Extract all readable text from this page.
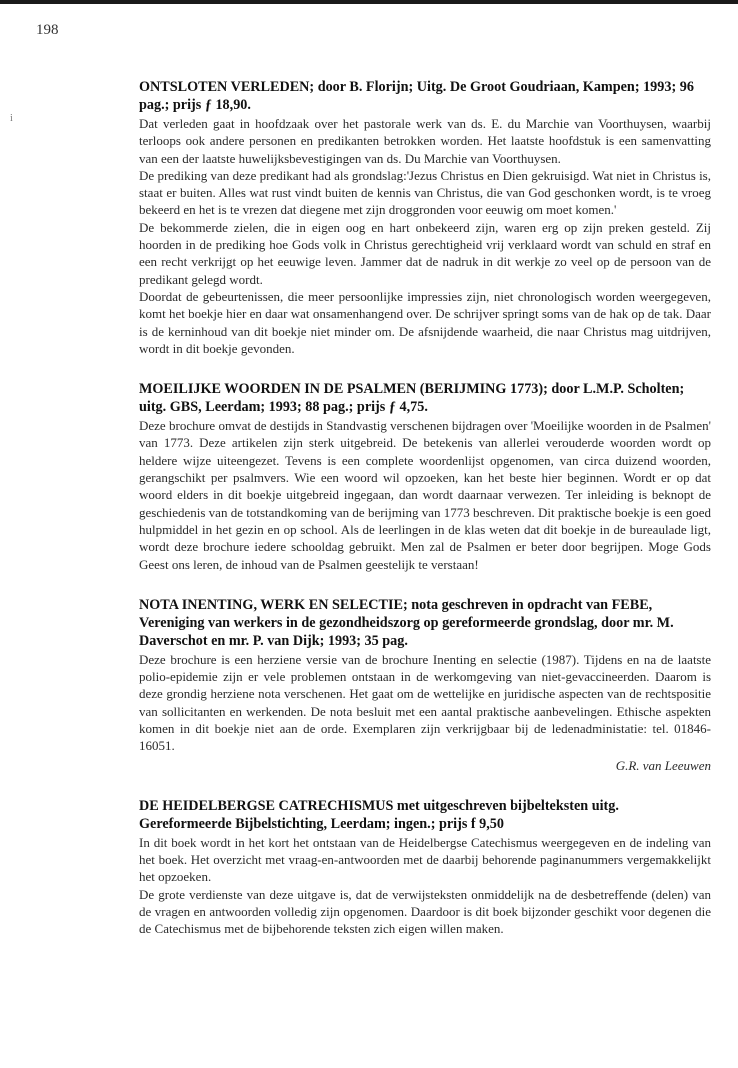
198
i

ONTSLOTEN VERLEDEN; door B. Florijn; Uitg. De Groot Goudriaan, Kampen; 1993; 96 pag.; prijs ƒ 18,90.

Dat verleden gaat in hoofdzaak over het pastorale werk van ds. E. du Marchie van Voorthuysen, waarbij terloops ook andere personen en predikanten betrokken worden. Het laatste hoofdstuk is een samenvatting van een der laatste huwelijksbevestigingen van ds. Du Marchie van Voorthuysen.

De prediking van deze predikant had als grondslag:'Jezus Christus en Dien gekruisigd. Wat niet in Christus is, staat er buiten. Alles wat rust vindt buiten de kennis van Christus, die van God geschonken wordt, is te vroeg bekeerd en het is te vrezen dat diegene met zijn droggronden voor eeuwig om moet komen.'

De bekommerde zielen, die in eigen oog en hart onbekeerd zijn, waren erg op zijn preken gesteld. Zij hoorden in de prediking hoe Gods volk in Christus gerechtigheid vrij verklaard wordt van schuld en straf en een recht verkrijgt op het eeuwige leven. Jammer dat de nadruk in dit werkje zo veel op de persoon van de predikant gelegd wordt.

Doordat de gebeurtenissen, die meer persoonlijke impressies zijn, niet chronologisch worden weergegeven, komt het boekje hier en daar wat onsamenhangend over. De schrijver springt soms van de hak op de tak. Daar is de kerninhoud van dit boekje niet minder om. De afsnijdende waarheid, die naar Christus mag uitdrijven, wordt in dit boekje gevonden.

MOEILIJKE WOORDEN IN DE PSALMEN (BERIJMING 1773); door L.M.P. Scholten; uitg. GBS, Leerdam; 1993; 88 pag.; prijs ƒ 4,75.

Deze brochure omvat de destijds in Standvastig verschenen bijdragen over 'Moeilijke woorden in de Psalmen' van 1773. Deze artikelen zijn sterk uitgebreid. De betekenis van allerlei verouderde woorden wordt op heldere wijze uiteengezet. Tevens is een complete woordenlijst opgenomen, van circa duizend woorden, gerangschikt per psalmvers. Wie een woord wil opzoeken, kan het beste hier beginnen. Wordt er op dat woord elders in dit boekje uitgebreid ingegaan, dan wordt daarnaar verwezen. Ter inleiding is beknopt de geschiedenis van de totstandkoming van de berijming van 1773 beschreven. Dit praktische boekje is een goed hulpmiddel in het gezin en op school. Als de leerlingen in de klas weten dat dit boekje in de bureaulade ligt, wordt deze brochure iedere schooldag gebruikt. Men zal de Psalmen er beter door begrijpen. Moge Gods Geest ons leren, de inhoud van de Psalmen geestelijk te verstaan!

NOTA INENTING, WERK EN SELECTIE; nota geschreven in opdracht van FEBE, Vereniging van werkers in de gezondheidszorg op gereformeerde grondslag, door mr. M. Daverschot en mr. P. van Dijk; 1993; 35 pag.

Deze brochure is een herziene versie van de brochure Inenting en selectie (1987). Tijdens en na de laatste polio-epidemie zijn er vele problemen ontstaan in de werkomgeving van niet-gevaccineerden. Daarom is deze grondig herziene nota verschenen. Het gaat om de wettelijke en juridische aspecten van de rechtspositie van sollicitanten en werkenden. De nota besluit met een aantal praktische aanbevelingen. Ethische aspekten komen in dit boekje niet aan de orde. Exemplaren zijn verkrijgbaar bij de ledenadministatie: tel. 01846-16051.

G.R. van Leeuwen

DE HEIDELBERGSE CATRECHISMUS met uitgeschreven bijbelteksten uitg. Gereformeerde Bijbelstichting, Leerdam; ingen.; prijs f 9,50

In dit boek wordt in het kort het ontstaan van de Heidelbergse Catechismus weergegeven en de indeling van het boek. Het overzicht met vraag-en-antwoorden met de daarbij behorende paginanummers vergemakkelijkt het opzoeken.

De grote verdienste van deze uitgave is, dat de verwijsteksten onmiddelijk na de desbetreffende (delen) van de vragen en antwoorden volledig zijn opgenomen. Daardoor is dit boek bijzonder geschikt voor degenen die de Catechismus met de bijbehorende teksten zich eigen willen maken.
